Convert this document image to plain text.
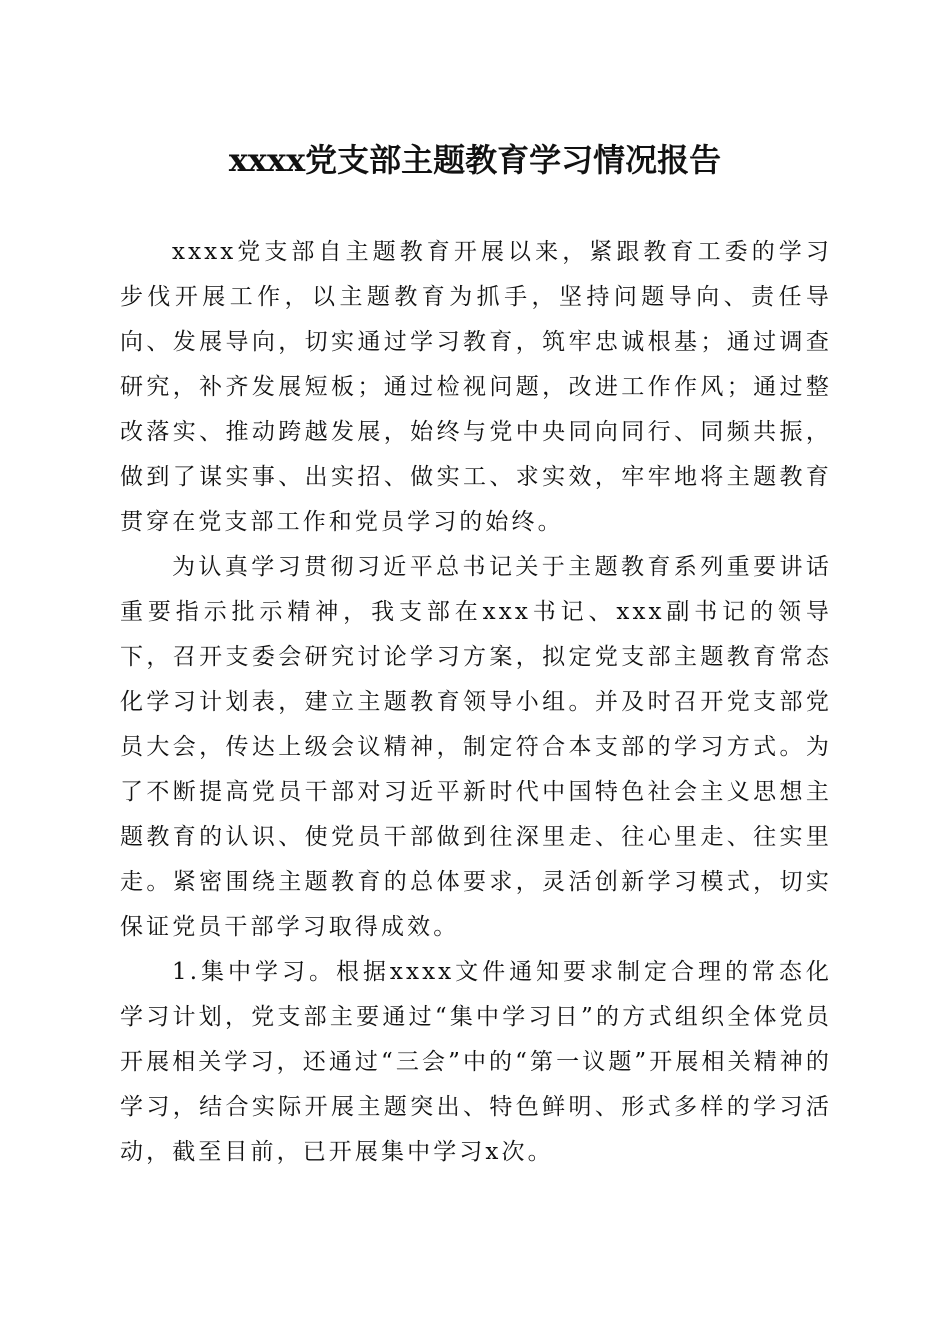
xxxx党支部主题教育学习情况报告

xxxx党支部自主题教育开展以来，紧跟教育工委的学习步伐开展工作，以主题教育为抓手，坚持问题导向、责任导向、发展导向，切实通过学习教育，筑牢忠诚根基；通过调查研究，补齐发展短板；通过检视问题，改进工作作风；通过整改落实、推动跨越发展，始终与党中央同向同行、同频共振，做到了谋实事、出实招、做实工、求实效，牢牢地将主题教育贯穿在党支部工作和党员学习的始终。

为认真学习贯彻习近平总书记关于主题教育系列重要讲话重要指示批示精神，我支部在xxx书记、xxx副书记的领导下，召开支委会研究讨论学习方案，拟定党支部主题教育常态化学习计划表，建立主题教育领导小组。并及时召开党支部党员大会，传达上级会议精神，制定符合本支部的学习方式。为了不断提高党员干部对习近平新时代中国特色社会主义思想主题教育的认识、使党员干部做到往深里走、往心里走、往实里走。紧密围绕主题教育的总体要求，灵活创新学习模式，切实保证党员干部学习取得成效。

1.集中学习。根据xxxx文件通知要求制定合理的常态化学习计划，党支部主要通过“集中学习日”的方式组织全体党员开展相关学习，还通过“三会”中的“第一议题”开展相关精神的学习，结合实际开展主题突出、特色鲜明、形式多样的学习活动，截至目前，已开展集中学习x次。
